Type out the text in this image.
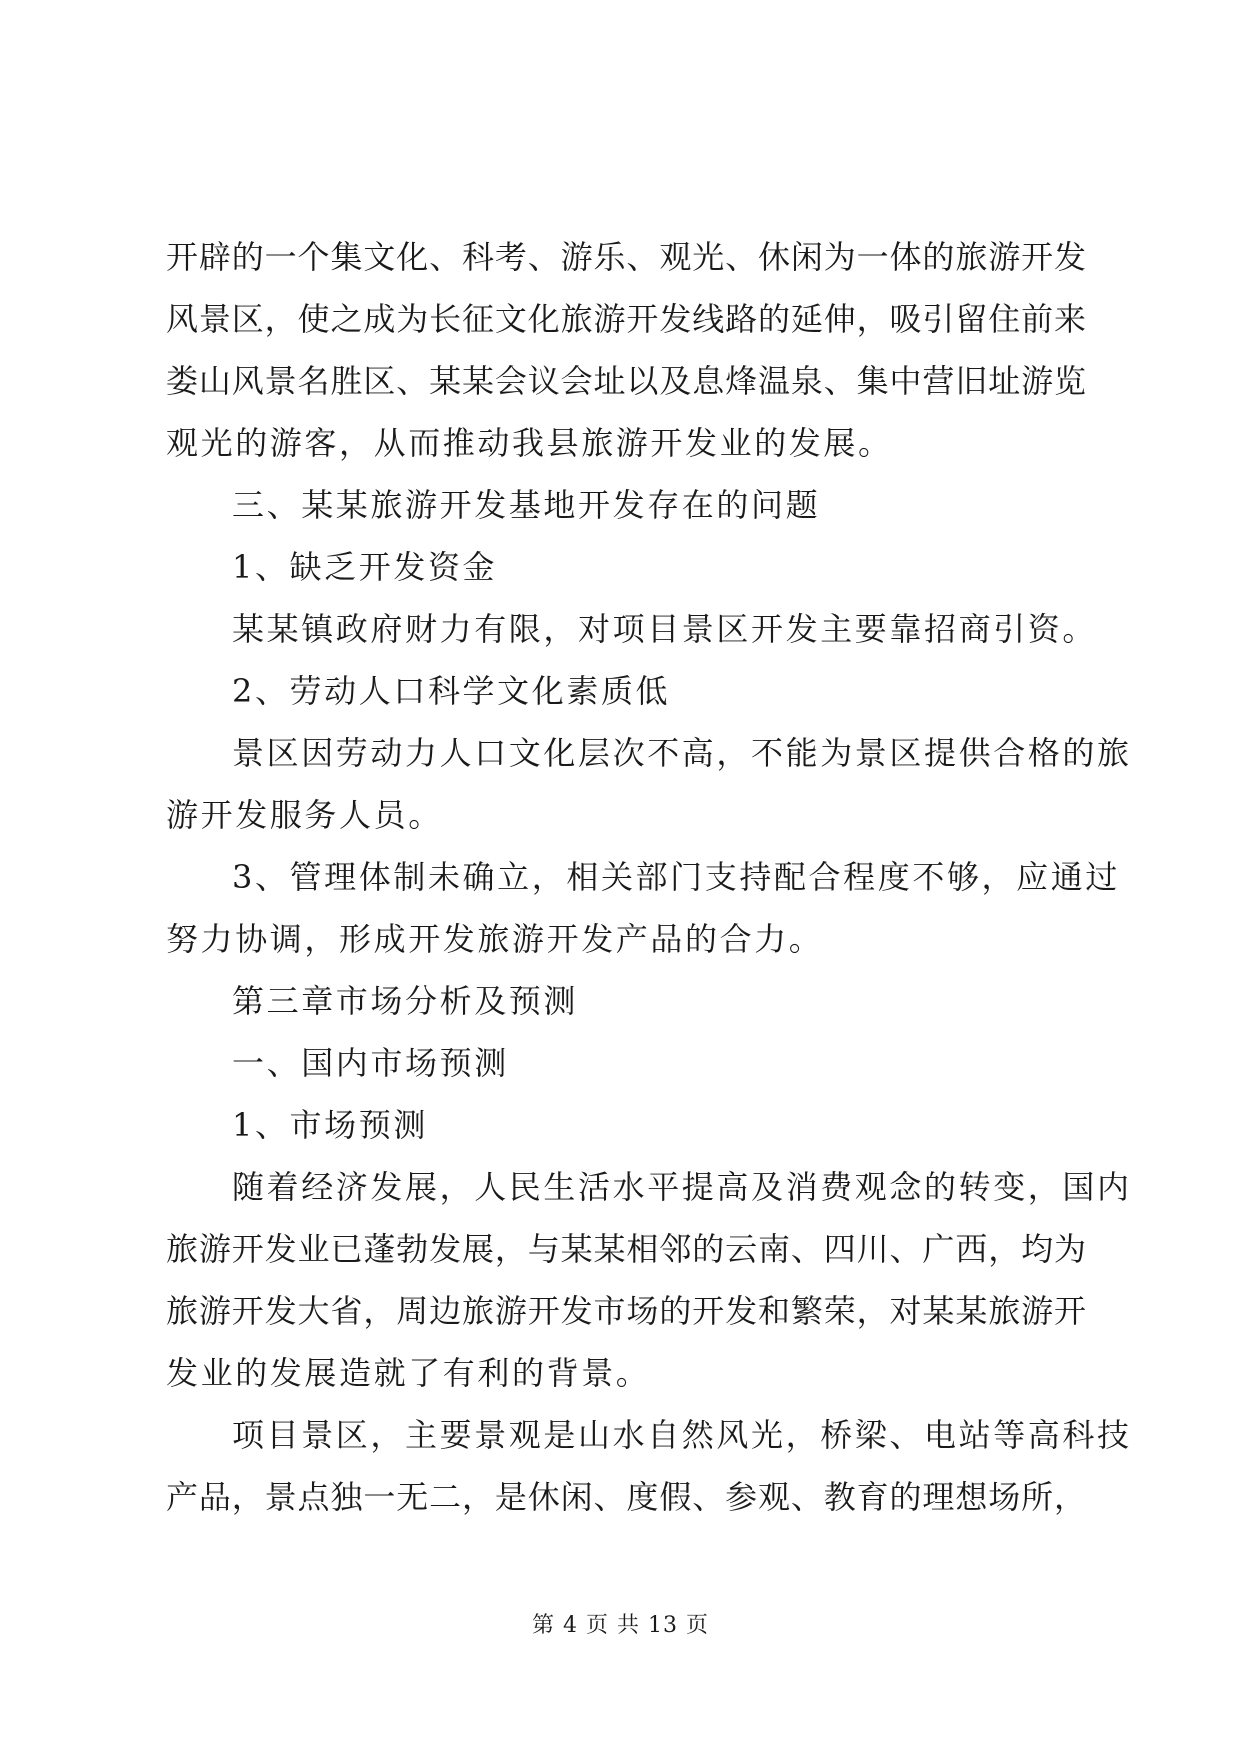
开辟的一个集文化、科考、游乐、观光、休闲为一体的旅游开发
风景区，使之成为长征文化旅游开发线路的延伸，吸引留住前来
娄山风景名胜区、某某会议会址以及息烽温泉、集中营旧址游览
观光的游客，从而推动我县旅游开发业的发展。
三、某某旅游开发基地开发存在的问题
1、缺乏开发资金
某某镇政府财力有限，对项目景区开发主要靠招商引资。
2、劳动人口科学文化素质低
景区因劳动力人口文化层次不高，不能为景区提供合格的旅
游开发服务人员。
3、管理体制未确立，相关部门支持配合程度不够，应通过
努力协调，形成开发旅游开发产品的合力。
第三章市场分析及预测
一、国内市场预测
1、市场预测
随着经济发展，人民生活水平提高及消费观念的转变，国内
旅游开发业已蓬勃发展，与某某相邻的云南、四川、广西，均为
旅游开发大省，周边旅游开发市场的开发和繁荣，对某某旅游开
发业的发展造就了有利的背景。
项目景区，主要景观是山水自然风光，桥梁、电站等高科技
产品，景点独一无二，是休闲、度假、参观、教育的理想场所，
第 4 页 共 13 页
